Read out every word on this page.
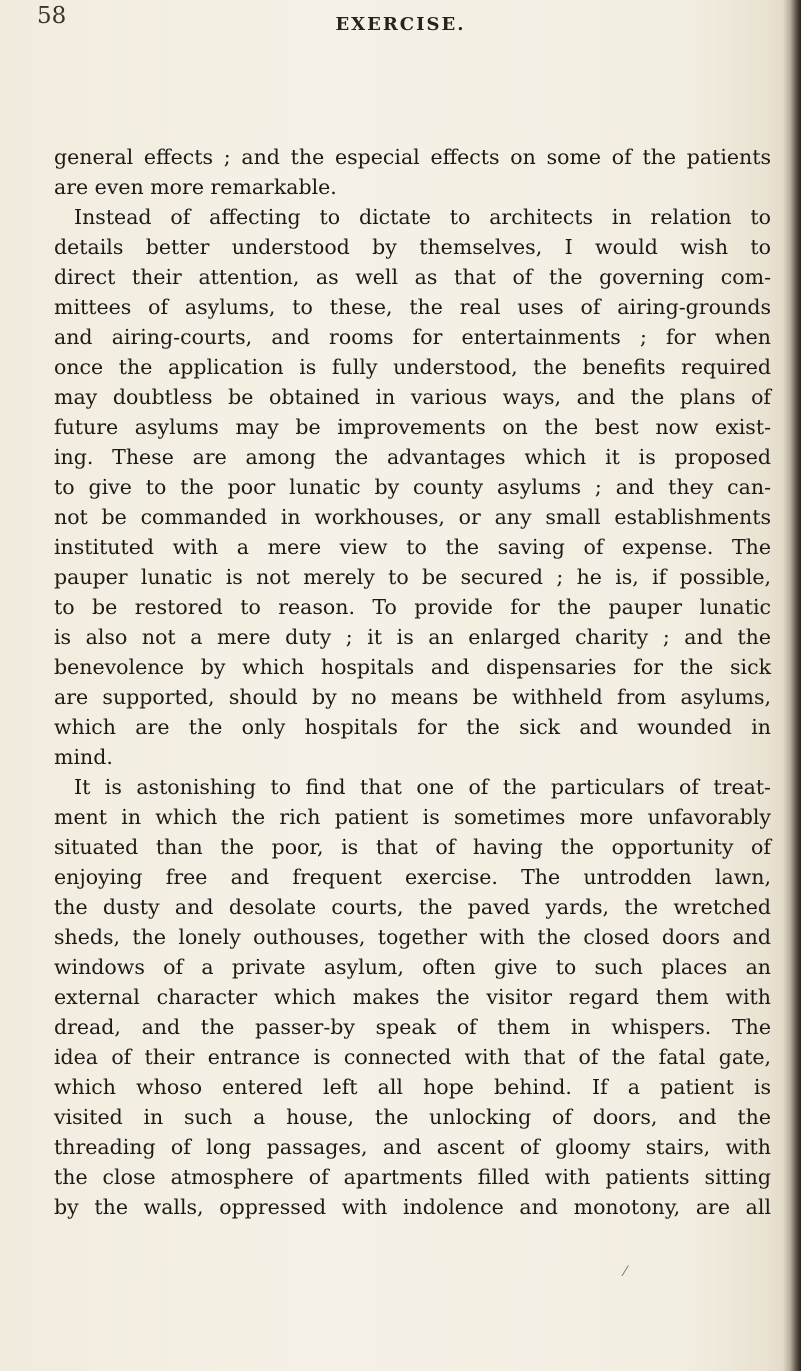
58	EXERCISE.
general effects ; and the especial effects on some of the patients
are even more remarkable.
Instead of affecting to dictate to architects in relation to
details better understood by themselves, I would wish to
direct their attention, as well as that of the governing com-
mittees of asylums, to these, the real uses of airing-grounds
and airing-courts, and rooms for entertainments ; for when
once the application is fully understood, the benefits required
may doubtless be obtained in various ways, and the plans of
future asylums may be improvements on the best now exist-
ing. These are among the advantages which it is proposed
to give to the poor lunatic by county asylums ; and they can-
not be commanded in workhouses, or any small establishments
instituted with a mere view to the saving of expense. The
pauper lunatic is not merely to be secured ; he is, if possible,
to be restored to reason. To provide for the pauper lunatic
is also not a mere duty ; it is an enlarged charity ; and the
benevolence by which hospitals and dispensaries for the sick
are supported, should by no means be withheld from asylums,
which are the only hospitals for the sick and wounded in
mind.
It is astonishing to find that one of the particulars of treat-
ment in which the rich patient is sometimes more unfavorably
situated than the poor, is that of having the opportunity of
enjoying free and frequent exercise. The untrodden lawn,
the dusty and desolate courts, the paved yards, the wretched
sheds, the lonely outhouses, together with the closed doors and
windows of a private asylum, often give to such places an
external character which makes the visitor regard them with
dread, and the passer-by speak of them in whispers. The
idea of their entrance is connected with that of the fatal gate,
which whoso entered left all hope behind. If a patient is
visited in such a house, the unlocking of doors, and the
threading of long passages, and ascent of gloomy stairs, with
the close atmosphere of apartments filled with patients sitting
by the walls, oppressed with indolence and monotony, are all
⁄
